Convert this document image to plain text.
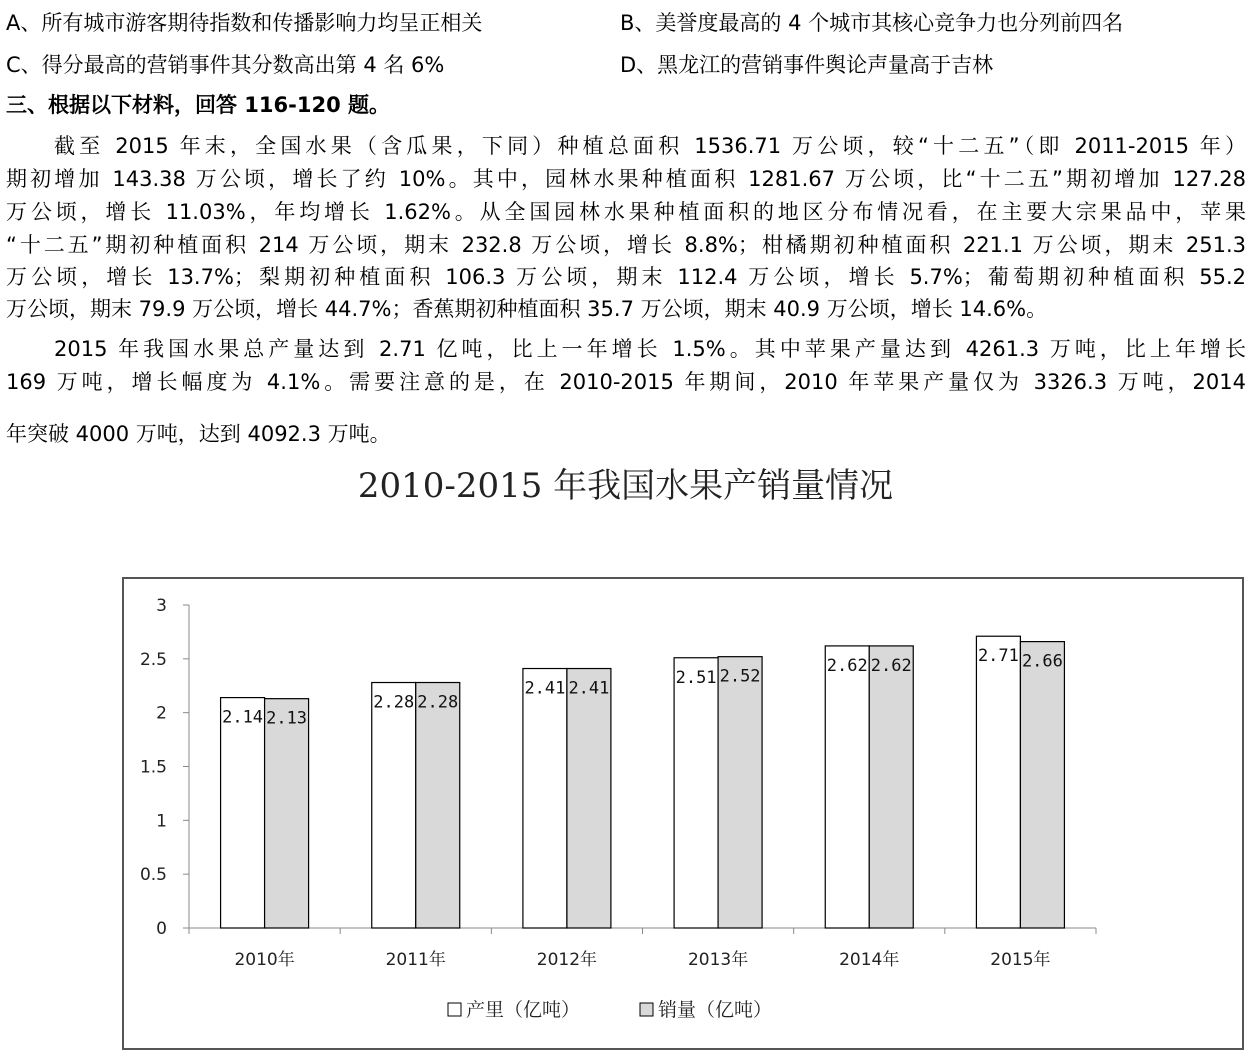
A、所有城市游客期待指数和传播影响力均呈正相关	B、美誉度最高的 4 个城市其核心竞争力也分列前四名
C、得分最高的营销事件其分数高出第 4 名 6%	D、黑龙江的营销事件舆论声量高于吉林
三、根据以下材料，回答 116-120 题。
截至 2015 年末，全国水果（含瓜果，下同）种植总面积 1536.71 万公顷，较“十二五”（即 2011-2015 年）
期初增加 143.38 万公顷，增长了约 10%。其中，园林水果种植面积 1281.67 万公顷，比“十二五”期初增加 127.28
万公顷，增长 11.03%，年均增长 1.62%。从全国园林水果种植面积的地区分布情况看，在主要大宗果品中，苹果
“十二五”期初种植面积 214 万公顷，期末 232.8 万公顷，增长 8.8%；柑橘期初种植面积 221.1 万公顷，期末 251.3
万公顷，增长 13.7%；梨期初种植面积 106.3 万公顷，期末 112.4 万公顷，增长 5.7%；葡萄期初种植面积 55.2
万公顷，期末 79.9 万公顷，增长 44.7%；香蕉期初种植面积 35.7 万公顷，期末 40.9 万公顷，增长 14.6%。
2015 年我国水果总产量达到 2.71 亿吨，比上一年增长 1.5%。其中苹果产量达到 4261.3 万吨，比上年增长
169 万吨，增长幅度为 4.1%。需要注意的是，在 2010-2015 年期间，2010 年苹果产量仅为 3326.3 万吨，2014
年突破 4000 万吨，达到 4092.3 万吨。
2010-2015 年我国水果产销量情况
0
0.5
1
1.5
2
2.5
3
2.14 2.13
2.28 2.28
2.41 2.41
2.51 2.52
2.62 2.62	2.71 2.66
2010年	2011年	2012年	2013年	2014年	2015年
产里（亿吨）	销量（亿吨）
